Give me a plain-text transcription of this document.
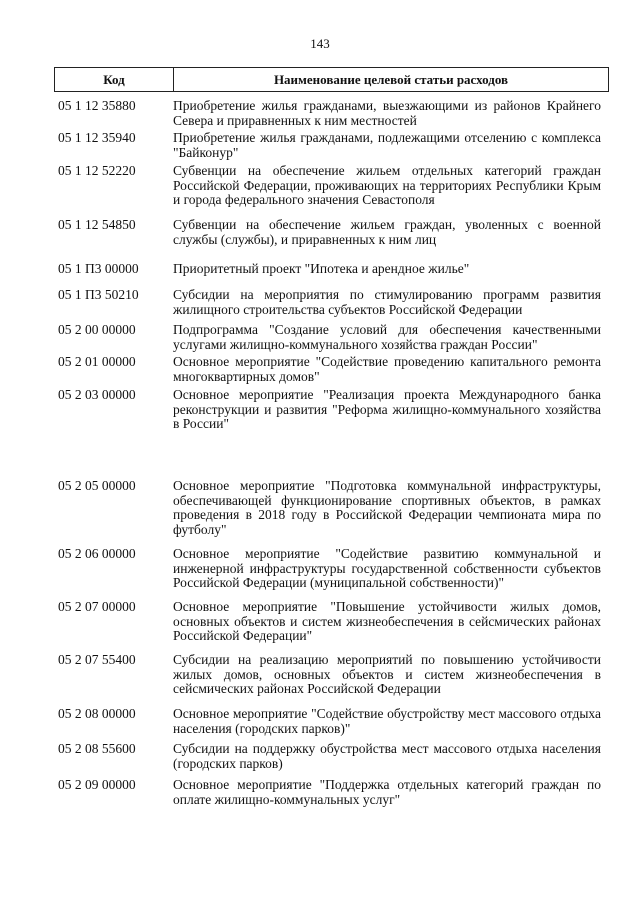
143
Код	Наименование целевой статьи расходов
05 1 12 35880	Приобретение жилья гражданами, выезжающими из районов Крайнего Севера и приравненных к ним местностей
05 1 12 35940	Приобретение жилья гражданами, подлежащими отселению с комплекса "Байконур"
05 1 12 52220	Субвенции на обеспечение жильем отдельных категорий граждан Российской Федерации, проживающих на территориях Республики Крым и города федерального значения Севастополя
05 1 12 54850	Субвенции на обеспечение жильем граждан, уволенных с военной службы (службы), и приравненных к ним лиц
05 1 П3 00000	Приоритетный проект "Ипотека и арендное жилье"
05 1 П3 50210	Субсидии на мероприятия по стимулированию программ развития жилищного строительства субъектов Российской Федерации
05 2 00 00000	Подпрограмма "Создание условий для обеспечения качественными услугами жилищно-коммунального хозяйства граждан России"
05 2 01 00000	Основное мероприятие "Содействие проведению капитального ремонта многоквартирных домов"
05 2 03 00000	Основное мероприятие "Реализация проекта Международного банка реконструкции и развития "Реформа жилищно-коммунального хозяйства в России"
05 2 05 00000	Основное мероприятие "Подготовка коммунальной инфраструктуры, обеспечивающей функционирование спортивных объектов, в рамках проведения в 2018 году в Российской Федерации чемпионата мира по футболу"
05 2 06 00000	Основное мероприятие "Содействие развитию коммунальной и инженерной инфраструктуры государственной собственности субъектов Российской Федерации (муниципальной собственности)"
05 2 07 00000	Основное мероприятие "Повышение устойчивости жилых домов, основных объектов и систем жизнеобеспечения в сейсмических районах Российской Федерации"
05 2 07 55400	Субсидии на реализацию мероприятий по повышению устойчивости жилых домов, основных объектов и систем жизнеобеспечения в сейсмических районах Российской Федерации
05 2 08 00000	Основное мероприятие "Содействие обустройству мест массового отдыха населения (городских парков)"
05 2 08 55600	Субсидии на поддержку обустройства мест массового отдыха населения (городских парков)
05 2 09 00000	Основное мероприятие "Поддержка отдельных категорий граждан по оплате жилищно-коммунальных услуг"
